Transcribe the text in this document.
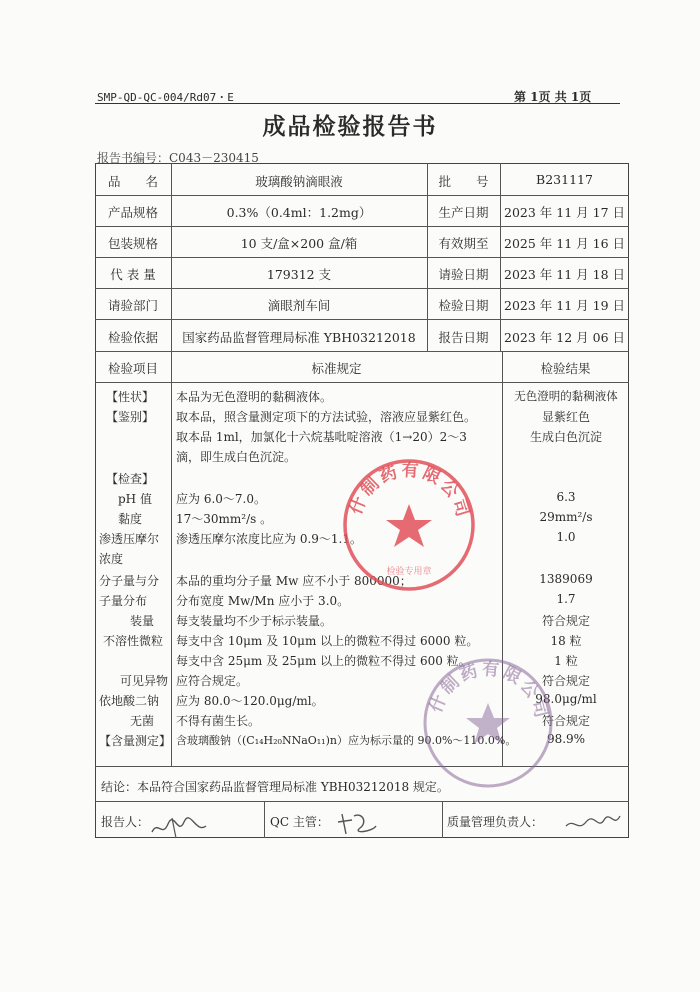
SMP-QD-QC-004/Rd07・E	第 1页 共 1页
成品检验报告书
报告书编号：C043－230415
品　　名	玻璃酸钠滴眼液	批　　号	B231117
产品规格	0.3%（0.4ml：1.2mg）	生产日期	2023 年 11 月 17 日
包装规格	10 支/盒×200 盒/箱	有效期至	2025 年 11 月 16 日
代 表 量	179312 支	请验日期	2023 年 11 月 18 日
请验部门	滴眼剂车间	检验日期	2023 年 11 月 19 日
检验依据	国家药品监督管理局标准 YBH03212018	报告日期	2023 年 12 月 06 日
检验项目	标准规定	检验结果
【性状】 本品为无色澄明的黏稠液体。	无色澄明的黏稠液体
【鉴别】 取本品，照含量测定项下的方法试验，溶液应显紫红色。	显紫红色
取本品 1ml，加氯化十六烷基吡啶溶液（1→20）2～3	生成白色沉淀
滴，即生成白色沉淀。
【检查】
pH 值 应为 6.0～7.0。	6.3
黏度	17～30mm²/s 。	29mm²/s
渗透压摩尔 渗透压摩尔浓度比应为 0.9～1.1。	1.0
浓度
分子量与分 本品的重均分子量 Mw 应不小于 800000；	1389069
子量分布 分布宽度 Mw/Mn 应小于 3.0。	1.7
装量 每支装量均不少于标示装量。	符合规定
不溶性微粒 每支中含 10μm 及 10μm 以上的微粒不得过 6000 粒。	18 粒
每支中含 25μm 及 25μm 以上的微粒不得过 600 粒。	1 粒
可见异物 应符合规定。	符合规定
依地酸二钠 应为 80.0～120.0μg/ml。	98.0μg/ml
无菌 不得有菌生长。	符合规定
【含量测定】 含玻璃酸钠（(C₁₄H₂₀NNaO₁₁)n）应为标示量的 90.0%～110.0%。	98.9%
结论：本品符合国家药品监督管理局标准 YBH03212018 规定。
报告人：	QC 主管：	质量管理负责人：
什制药有限公司
检验专用章
什制药有限公司
